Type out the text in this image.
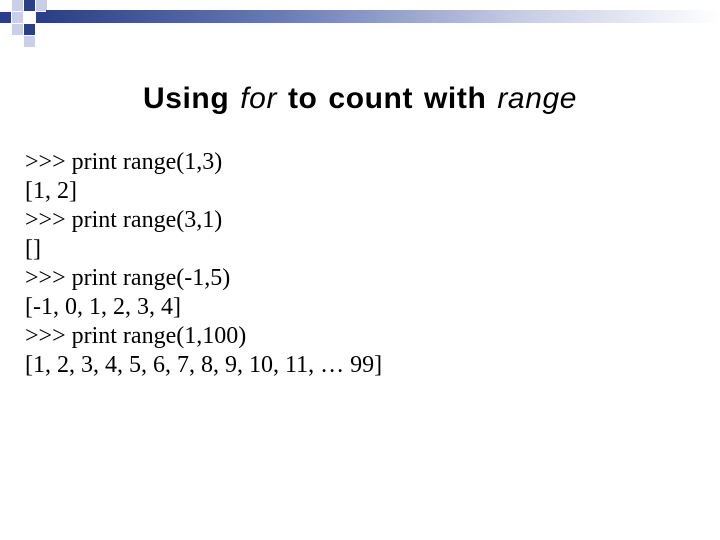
Using for to count with range
>>> print range(1,3)
[1, 2]
>>> print range(3,1)
[]
>>> print range(-1,5)
[-1, 0, 1, 2, 3, 4]
>>> print range(1,100)
[1, 2, 3, 4, 5, 6, 7, 8, 9, 10, 11, … 99]
